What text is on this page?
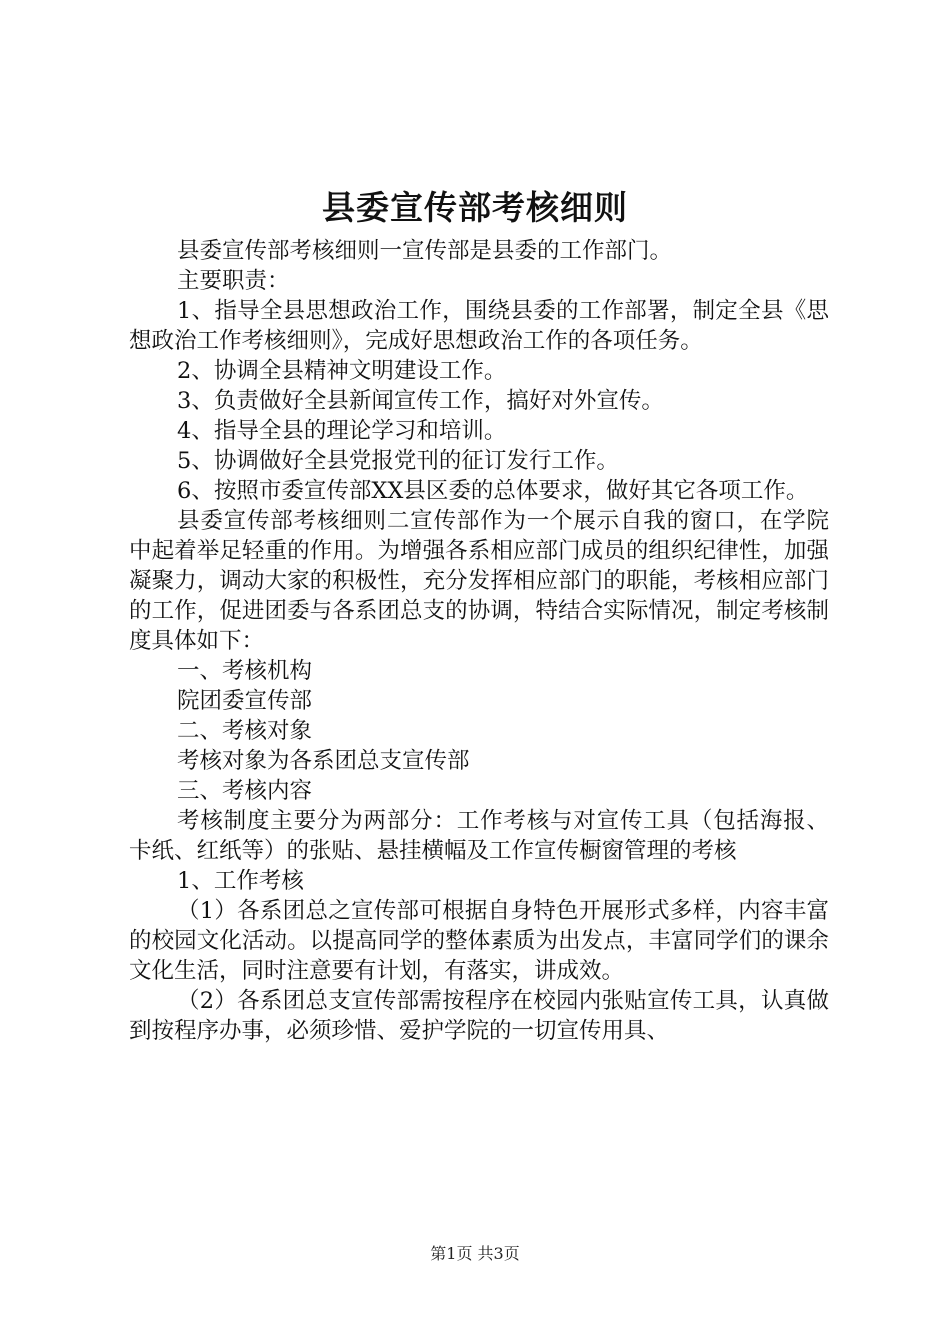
县委宣传部考核细则

县委宣传部考核细则一宣传部是县委的工作部门。

主要职责：

1、指导全县思想政治工作，围绕县委的工作部署，制定全县《思想政治工作考核细则》，完成好思想政治工作的各项任务。

2、协调全县精神文明建设工作。

3、负责做好全县新闻宣传工作，搞好对外宣传。

4、指导全县的理论学习和培训。

5、协调做好全县党报党刊的征订发行工作。

6、按照市委宣传部XX县区委的总体要求，做好其它各项工作。

县委宣传部考核细则二宣传部作为一个展示自我的窗口，在学院中起着举足轻重的作用。为增强各系相应部门成员的组织纪律性，加强凝聚力，调动大家的积极性，充分发挥相应部门的职能，考核相应部门的工作，促进团委与各系团总支的协调，特结合实际情况，制定考核制度具体如下：

一、考核机构

院团委宣传部

二、考核对象

考核对象为各系团总支宣传部

三、考核内容

考核制度主要分为两部分：工作考核与对宣传工具（包括海报、卡纸、红纸等）的张贴、悬挂横幅及工作宣传橱窗管理的考核

1、工作考核

（1）各系团总之宣传部可根据自身特色开展形式多样，内容丰富的校园文化活动。以提高同学的整体素质为出发点，丰富同学们的课余文化生活，同时注意要有计划，有落实，讲成效。

（2）各系团总支宣传部需按程序在校园内张贴宣传工具，认真做到按程序办事，必须珍惜、爱护学院的一切宣传用具、

第1页 共3页
